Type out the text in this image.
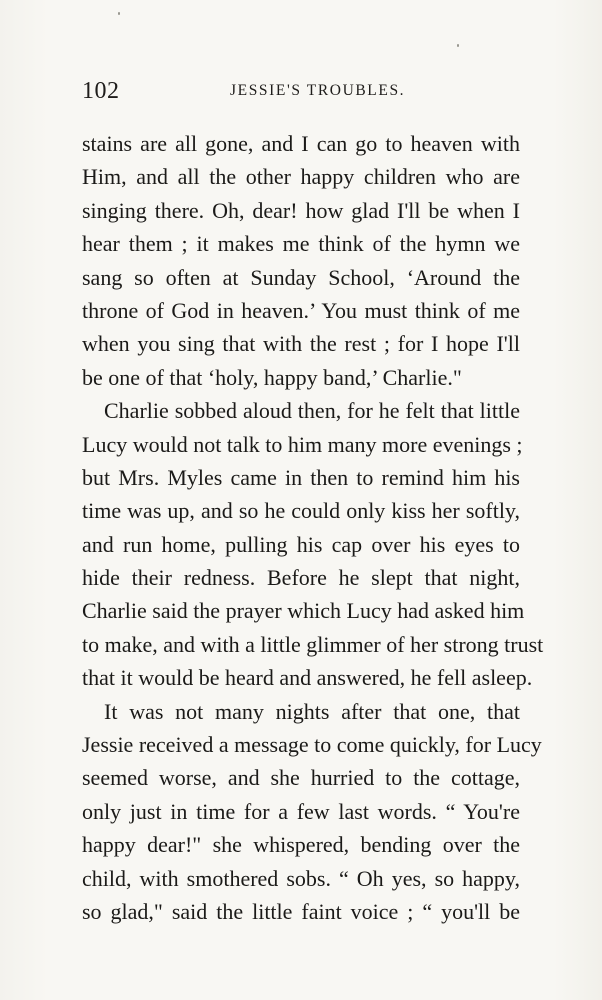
102	JESSIE'S TROUBLES.
stains are all gone, and I can go to heaven with
Him, and all the other happy children who are
singing there. Oh, dear! how glad I'll be when I
hear them ; it makes me think of the hymn we
sang so often at Sunday School, ‘Around the
throne of God in heaven.’ You must think of me
when you sing that with the rest ; for I hope I'll
be one of that ‘holy, happy band,’ Charlie."
Charlie sobbed aloud then, for he felt that little
Lucy would not talk to him many more evenings ;
but Mrs. Myles came in then to remind him his
time was up, and so he could only kiss her softly,
and run home, pulling his cap over his eyes to
hide their redness. Before he slept that night,
Charlie said the prayer which Lucy had asked him
to make, and with a little glimmer of her strong trust
that it would be heard and answered, he fell asleep.
It was not many nights after that one, that
Jessie received a message to come quickly, for Lucy
seemed worse, and she hurried to the cottage,
only just in time for a few last words. “ You're
happy dear!" she whispered, bending over the
child, with smothered sobs. “ Oh yes, so happy,
so glad," said the little faint voice ; “ you'll be
